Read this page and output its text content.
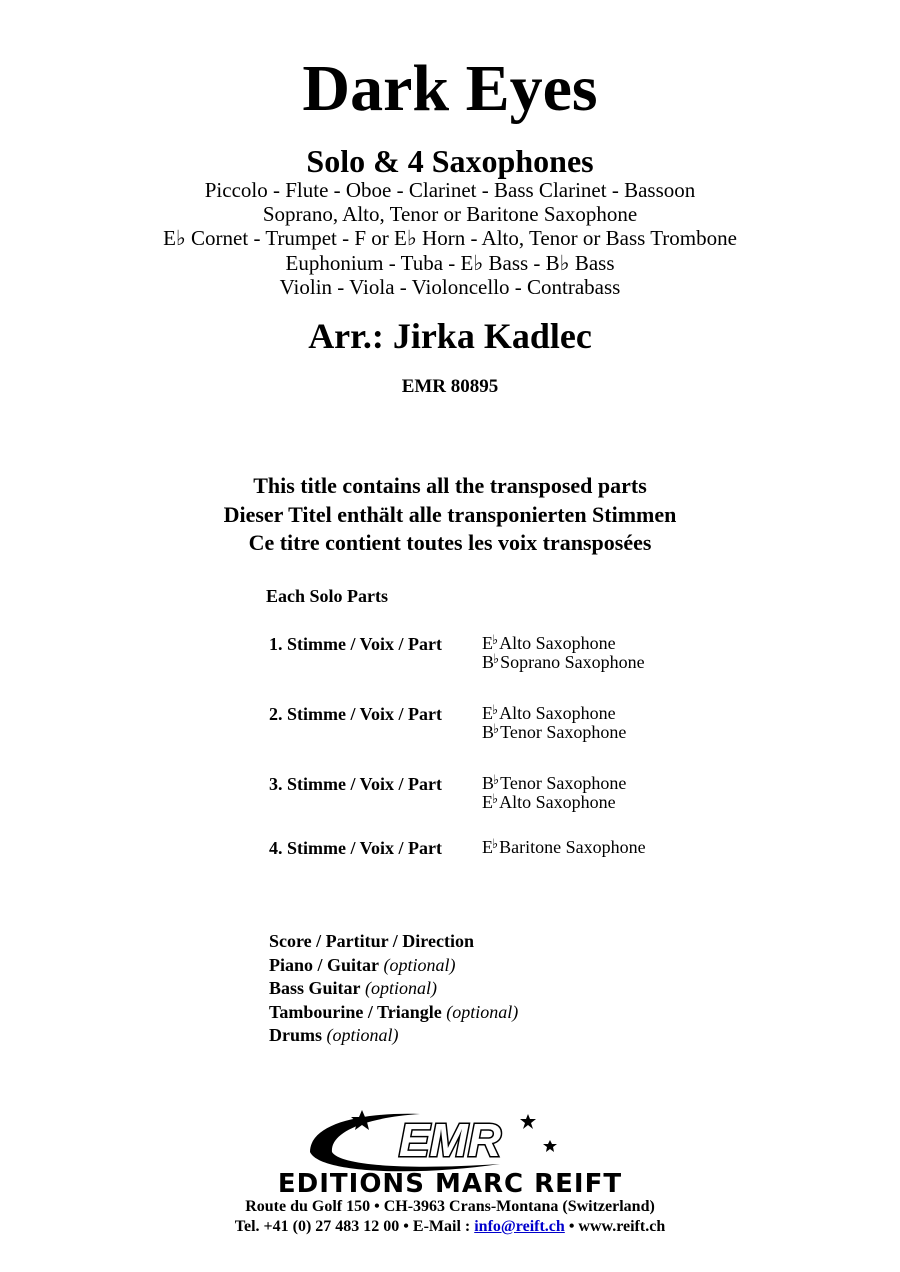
Dark Eyes
Solo & 4 Saxophones
Piccolo - Flute - Oboe - Clarinet - Bass Clarinet - Bassoon
Soprano, Alto, Tenor or Baritone Saxophone
E♭ Cornet - Trumpet - F or E♭ Horn - Alto, Tenor or Bass Trombone
Euphonium - Tuba - E♭ Bass - B♭ Bass
Violin - Viola - Violoncello - Contrabass
Arr.: Jirka Kadlec
EMR 80895
This title contains all the transposed parts
Dieser Titel enthält alle transponierten Stimmen
Ce titre contient toutes les voix transposées
Each Solo Parts
1. Stimme / Voix / Part E♭Alto Saxophone
B♭Soprano Saxophone
2. Stimme / Voix / Part E♭Alto Saxophone
B♭Tenor Saxophone
3. Stimme / Voix / Part B♭Tenor Saxophone
E♭Alto Saxophone
4. Stimme / Voix / Part E♭Baritone Saxophone
Score / Partitur / Direction
Piano / Guitar (optional)
Bass Guitar (optional)
Tambourine / Triangle (optional)
Drums (optional)
EMR
EDITIONS MARC REIFT
Route du Golf 150 • CH-3963 Crans-Montana (Switzerland)
Tel. +41 (0) 27 483 12 00 • E-Mail : info@reift.ch • www.reift.ch
